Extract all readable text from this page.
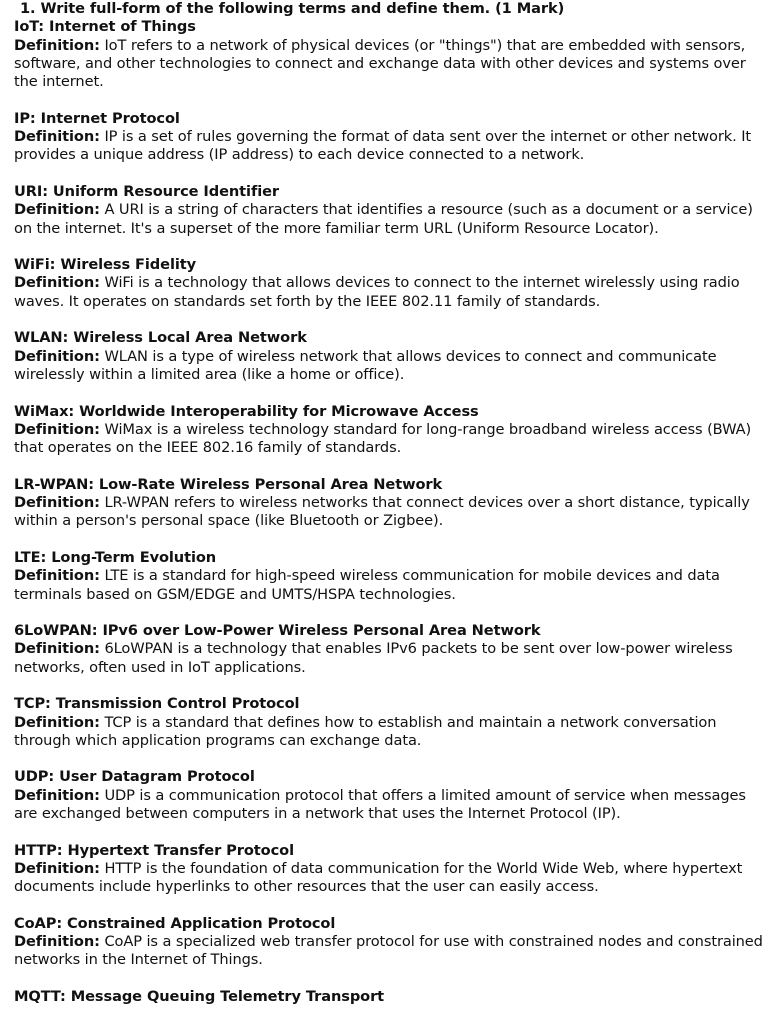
1. Write full-form of the following terms and define them. (1 Mark)

IoT: Internet of Things

Definition: IoT refers to a network of physical devices (or "things") that are embedded with sensors, software, and other technologies to connect and exchange data with other devices and systems over the internet.

IP: Internet Protocol

Definition: IP is a set of rules governing the format of data sent over the internet or other network. It provides a unique address (IP address) to each device connected to a network.

URI: Uniform Resource Identifier

Definition: A URI is a string of characters that identifies a resource (such as a document or a service) on the internet. It's a superset of the more familiar term URL (Uniform Resource Locator).

WiFi: Wireless Fidelity

Definition: WiFi is a technology that allows devices to connect to the internet wirelessly using radio waves. It operates on standards set forth by the IEEE 802.11 family of standards.

WLAN: Wireless Local Area Network

Definition: WLAN is a type of wireless network that allows devices to connect and communicate wirelessly within a limited area (like a home or office).

WiMax: Worldwide Interoperability for Microwave Access

Definition: WiMax is a wireless technology standard for long-range broadband wireless access (BWA) that operates on the IEEE 802.16 family of standards.

LR-WPAN: Low-Rate Wireless Personal Area Network

Definition: LR-WPAN refers to wireless networks that connect devices over a short distance, typically within a person's personal space (like Bluetooth or Zigbee).

LTE: Long-Term Evolution

Definition: LTE is a standard for high-speed wireless communication for mobile devices and data terminals based on GSM/EDGE and UMTS/HSPA technologies.

6LoWPAN: IPv6 over Low-Power Wireless Personal Area Network

Definition: 6LoWPAN is a technology that enables IPv6 packets to be sent over low-power wireless networks, often used in IoT applications.

TCP: Transmission Control Protocol

Definition: TCP is a standard that defines how to establish and maintain a network conversation through which application programs can exchange data.

UDP: User Datagram Protocol

Definition: UDP is a communication protocol that offers a limited amount of service when messages are exchanged between computers in a network that uses the Internet Protocol (IP).

HTTP: Hypertext Transfer Protocol

Definition: HTTP is the foundation of data communication for the World Wide Web, where hypertext documents include hyperlinks to other resources that the user can easily access.

CoAP: Constrained Application Protocol

Definition: CoAP is a specialized web transfer protocol for use with constrained nodes and constrained networks in the Internet of Things.

MQTT: Message Queuing Telemetry Transport
